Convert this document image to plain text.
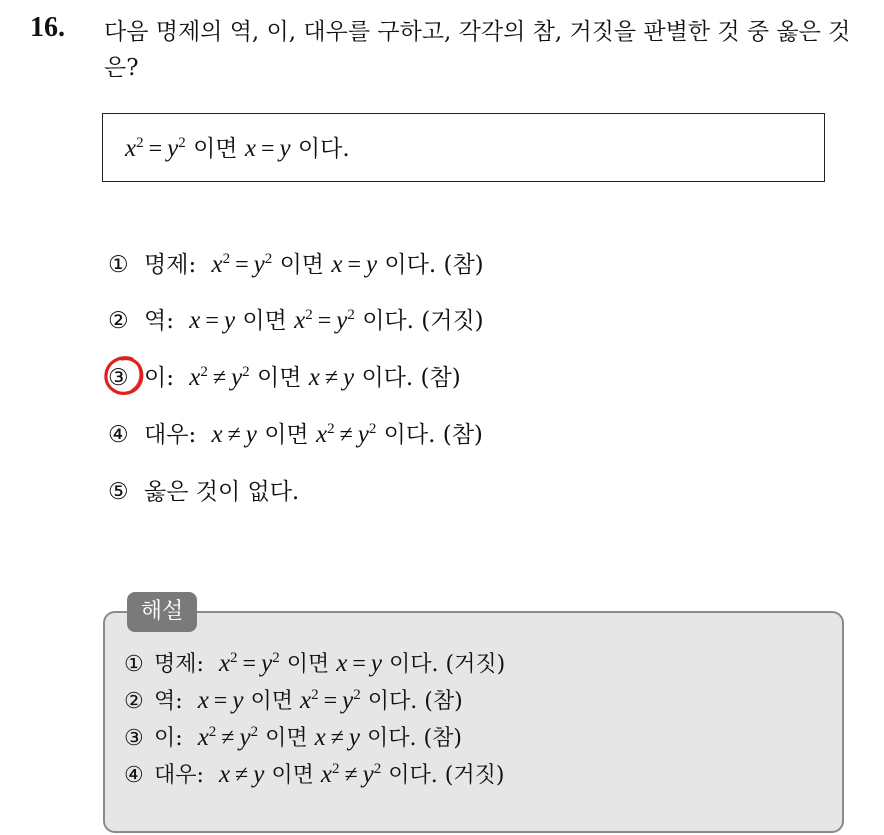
16. 다음 명제의 역, 이, 대우를 구하고, 각각의 참, 거짓을 판별한 것 중 옳은 것은?
$x^2 = y^2$ 이면 x = y 이다.
① 명제: $x^2 = y^2$ 이면 x = y 이다. (참)
② 역: x = y 이면 $x^2 = y^2$ 이다. (거짓)
③ 이: $x^2 \ne y^2$ 이면 x ≠ y 이다. (참)
④ 대우: x ≠ y 이면 $x^2 \ne y^2$ 이다. (참)
⑤ 옳은 것이 없다.
해설
① 명제: $x^2 = y^2$ 이면 x = y 이다. (거짓)
② 역: x = y 이면 $x^2 = y^2$ 이다. (참)
③ 이: $x^2 \ne y^2$ 이면 x ≠ y 이다. (참)
④ 대우: x ≠ y 이면 $x^2 \ne y^2$ 이다. (거짓)
